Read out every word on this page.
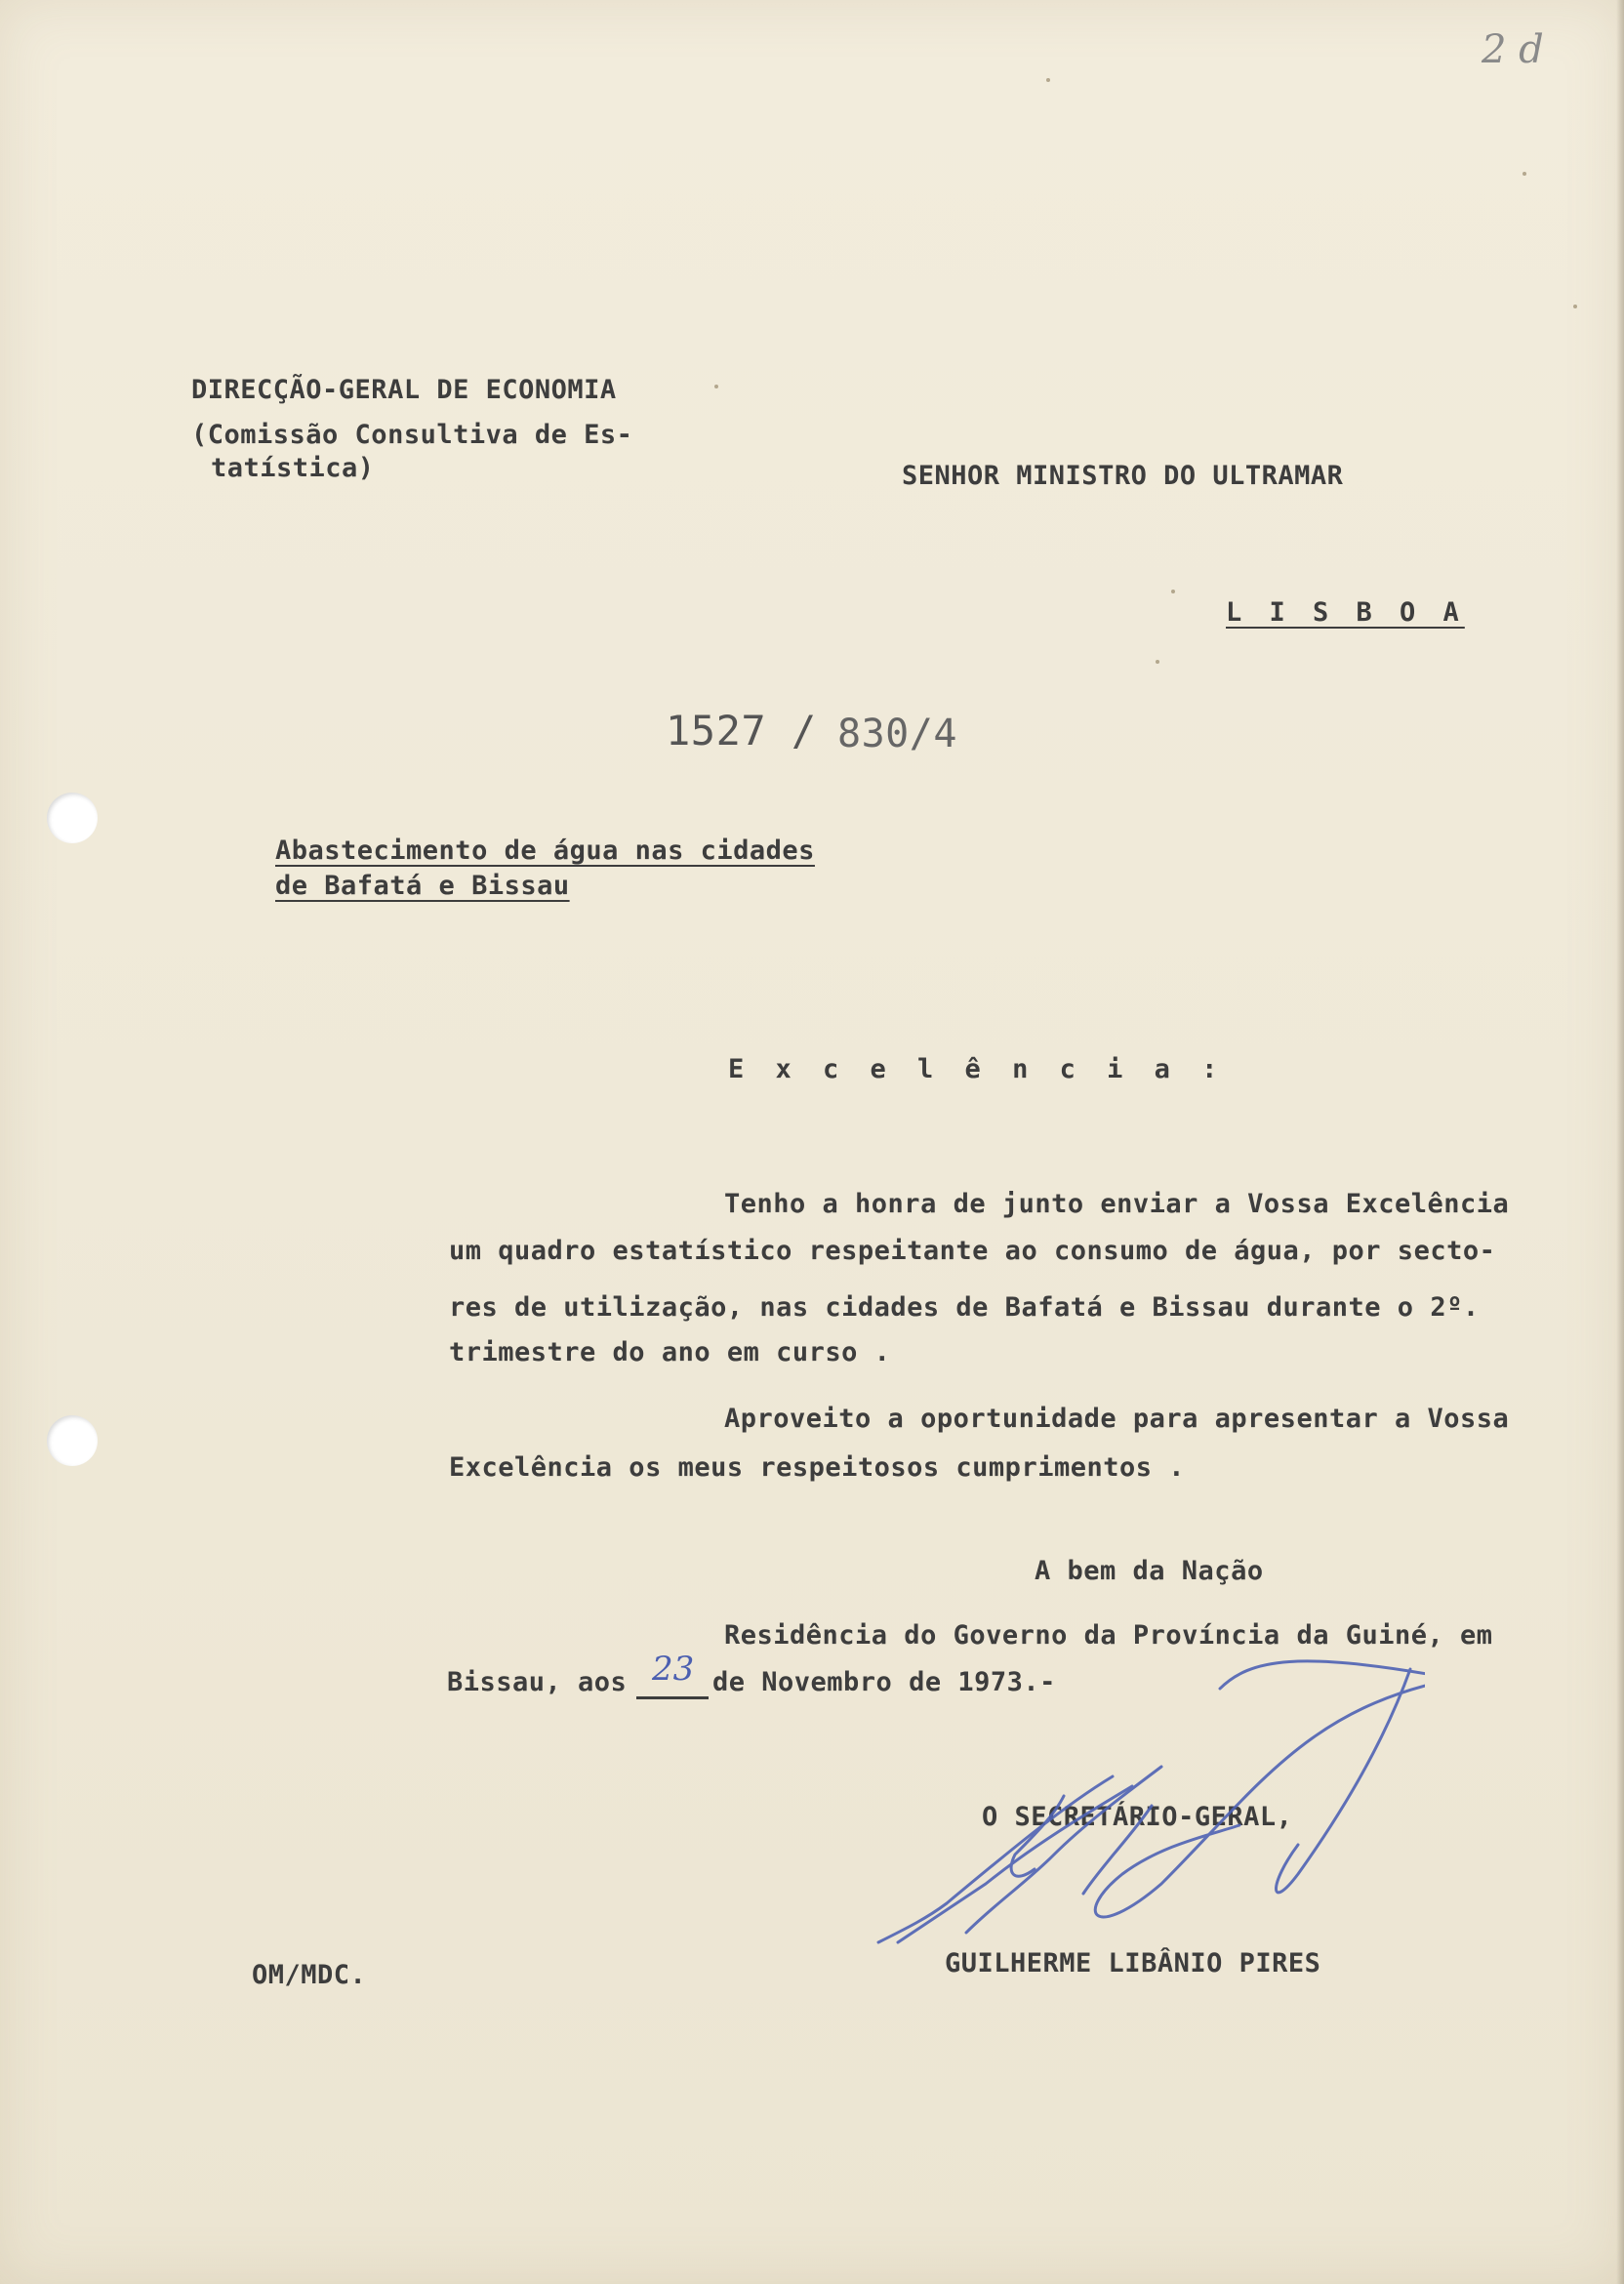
2 d
DIRECÇÃO-GERAL DE ECONOMIA
(Comissão Consultiva de Es-
tatística)	SENHOR MINISTRO DO ULTRAMAR
L I S B O A
1527 / 830/4
Abastecimento de água nas cidades
de Bafatá e Bissau
E x c e l ê n c i a :
Tenho a honra de junto enviar a Vossa Excelência
um quadro estatístico respeitante ao consumo de água, por secto-
res de utilização, nas cidades de Bafatá e Bissau durante o 2º.
trimestre do ano em curso .
Aproveito a oportunidade para apresentar a Vossa
Excelência os meus respeitosos cumprimentos .
A bem da Nação
Residência do Governo da Província da Guiné, em
Bissau, aos 23 de Novembro de 1973.-
O SECRETÁRIO-GERAL,
GUILHERME LIBÂNIO PIRES
OM/MDC.
